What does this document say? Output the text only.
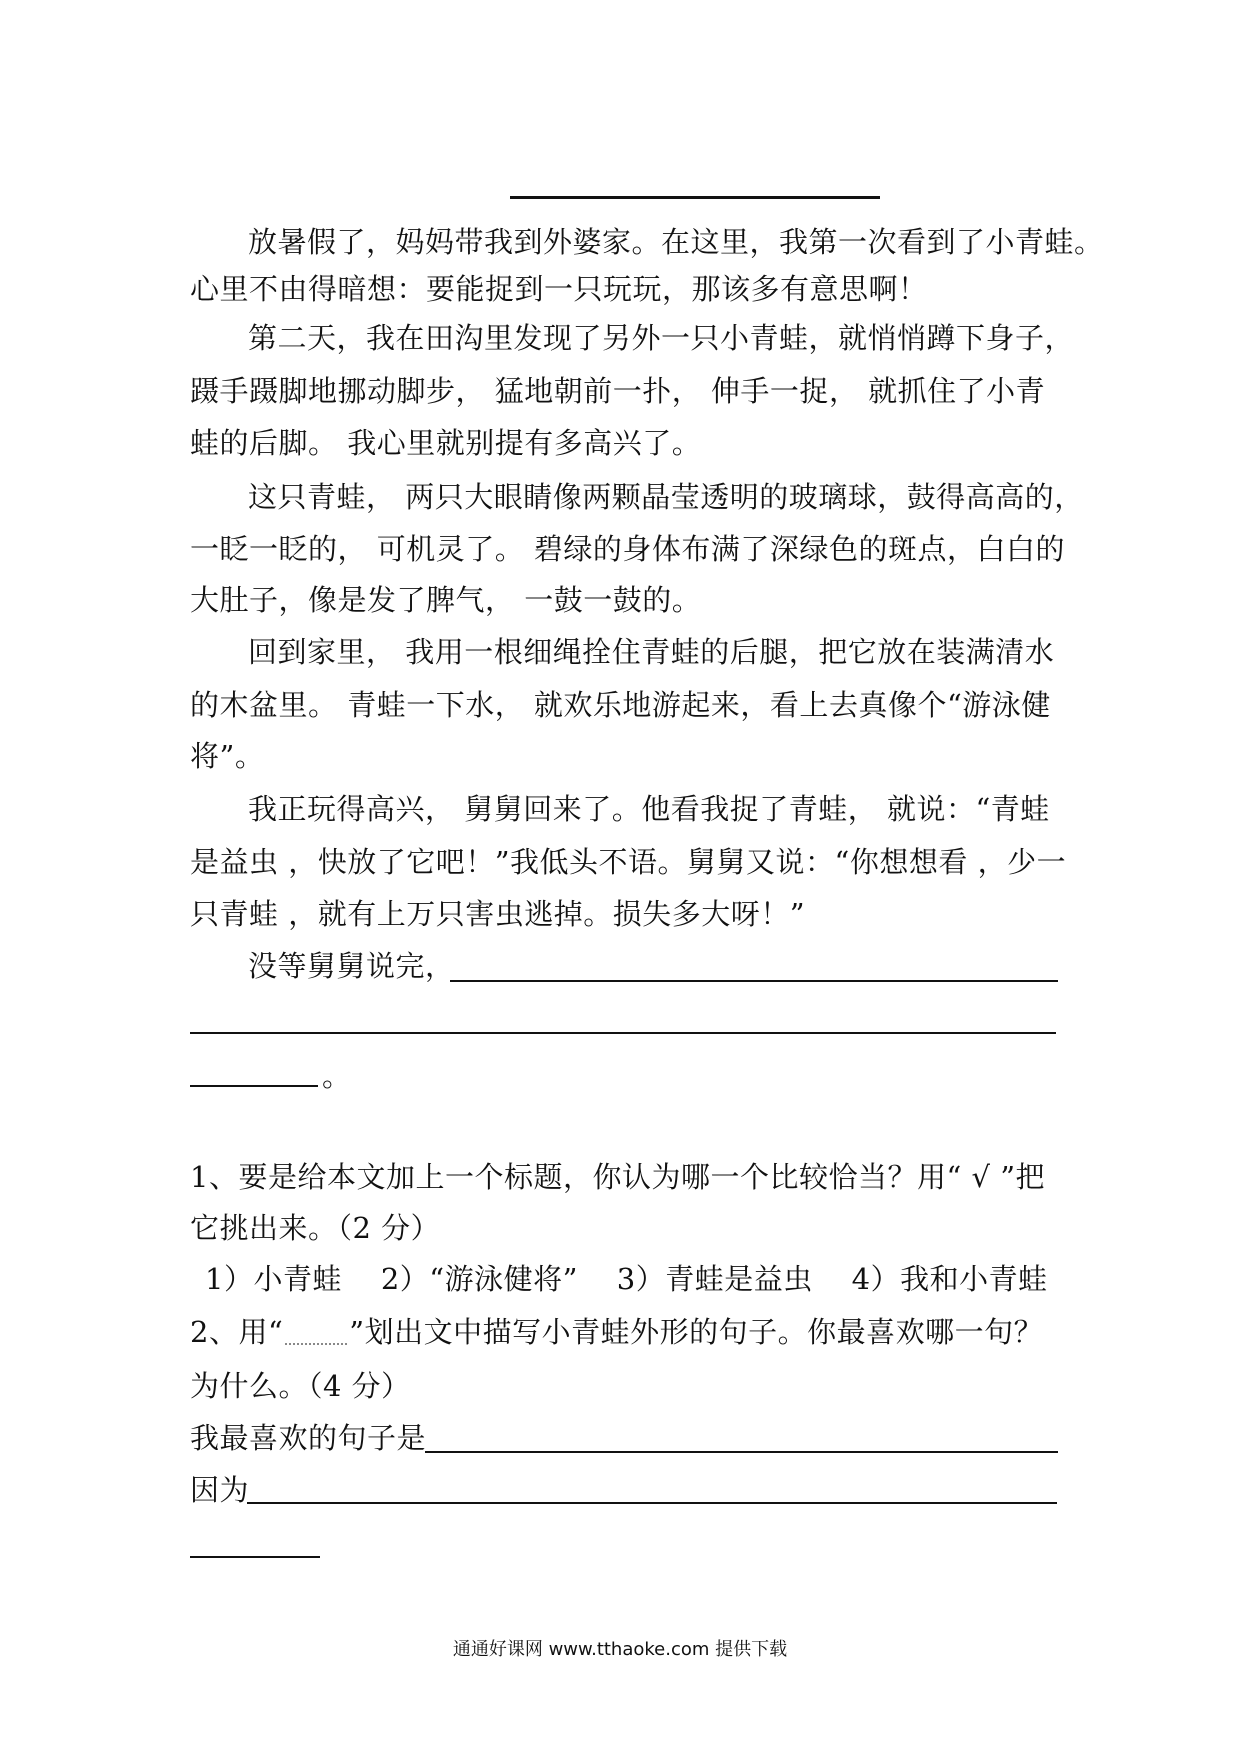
放暑假了，妈妈带我到外婆家。在这里，我第一次看到了小青蛙。
心里不由得暗想：要能捉到一只玩玩，那该多有意思啊！
第二天，我在田沟里发现了另外一只小青蛙，就悄悄蹲下身子，
蹑手蹑脚地挪动脚步， 猛地朝前一扑， 伸手一捉， 就抓住了小青
蛙的后脚。 我心里就别提有多高兴了。
这只青蛙， 两只大眼睛像两颗晶莹透明的玻璃球，鼓得高高的，
一眨一眨的， 可机灵了。 碧绿的身体布满了深绿色的斑点，白白的
大肚子，像是发了脾气， 一鼓一鼓的。
回到家里， 我用一根细绳拴住青蛙的后腿，把它放在装满清水
的木盆里。 青蛙一下水， 就欢乐地游起来，看上去真像个“游泳健
将”。
我正玩得高兴， 舅舅回来了。他看我捉了青蛙， 就说：“青蛙
是益虫 ，快放了它吧！”我低头不语。舅舅又说：“你想想看 ，少一
只青蛙 ，就有上万只害虫逃掉。损失多大呀！”
没等舅舅说完，
。
1、要是给本文加上一个标题，你认为哪一个比较恰当？用“ √ ”把
它挑出来。（2 分）
1）小青蛙    2）“游泳健将”    3）青蛙是益虫    4）我和小青蛙
2、用“ ”划出文中描写小青蛙外形的句子。你最喜欢哪一句？
为什么。（4 分）
我最喜欢的句子是
因为
通通好课网 www.tthaoke.com 提供下载
